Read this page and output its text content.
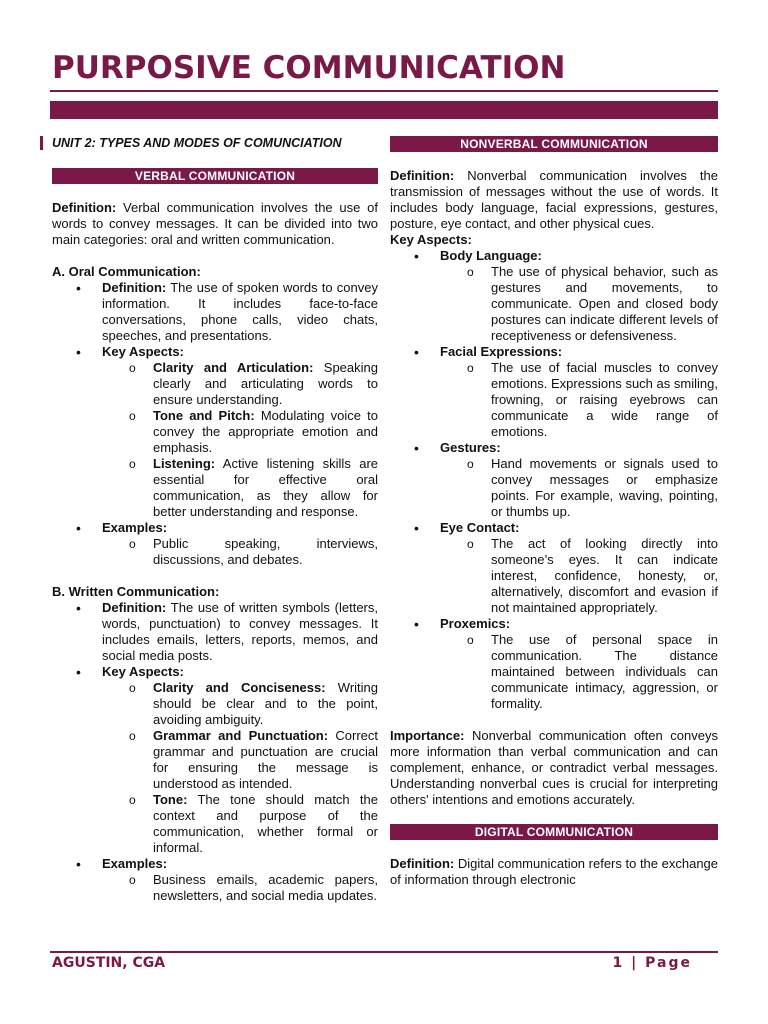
PURPOSIVE COMMUNICATION
UNIT 2: TYPES AND MODES OF COMUNCIATION
VERBAL COMMUNICATION

Definition: Verbal communication involves the use of words to convey messages. It can be divided into two main categories: oral and written communication.

A. Oral Communication:
• Definition: The use of spoken words to convey information. It includes face-to-face conversations, phone calls, video chats, speeches, and presentations.
• Key Aspects:
o Clarity and Articulation: Speaking clearly and articulating words to ensure understanding.
o Tone and Pitch: Modulating voice to convey the appropriate emotion and emphasis.
o Listening: Active listening skills are essential for effective oral communication, as they allow for better understanding and response.
• Examples:
o Public speaking, interviews, discussions, and debates.
B. Written Communication:
• Definition: The use of written symbols (letters, words, punctuation) to convey messages. It includes emails, letters, reports, memos, and social media posts.
• Key Aspects:
o Clarity and Conciseness: Writing should be clear and to the point, avoiding ambiguity.
o Grammar and Punctuation: Correct grammar and punctuation are crucial for ensuring the message is understood as intended.
o Tone: The tone should match the context and purpose of the communication, whether formal or informal.
• Examples:
o Business emails, academic papers, newsletters, and social media updates.
NONVERBAL COMMUNICATION

Definition: Nonverbal communication involves the transmission of messages without the use of words. It includes body language, facial expressions, gestures, posture, eye contact, and other physical cues.

Key Aspects:
• Body Language:
o The use of physical behavior, such as gestures and movements, to communicate. Open and closed body postures can indicate different levels of receptiveness or defensiveness.
• Facial Expressions:
o The use of facial muscles to convey emotions. Expressions such as smiling, frowning, or raising eyebrows can communicate a wide range of emotions.
• Gestures:
o Hand movements or signals used to convey messages or emphasize points. For example, waving, pointing, or thumbs up.
• Eye Contact:
o The act of looking directly into someone’s eyes. It can indicate interest, confidence, honesty, or, alternatively, discomfort and evasion if not maintained appropriately.
• Proxemics:
o The use of personal space in communication. The distance maintained between individuals can communicate intimacy, aggression, or formality.

Importance: Nonverbal communication often conveys more information than verbal communication and can complement, enhance, or contradict verbal messages. Understanding nonverbal cues is crucial for interpreting others' intentions and emotions accurately.

DIGITAL COMMUNICATION

Definition: Digital communication refers to the exchange of information through electronic

AGUSTIN, CGA	1 | Page
